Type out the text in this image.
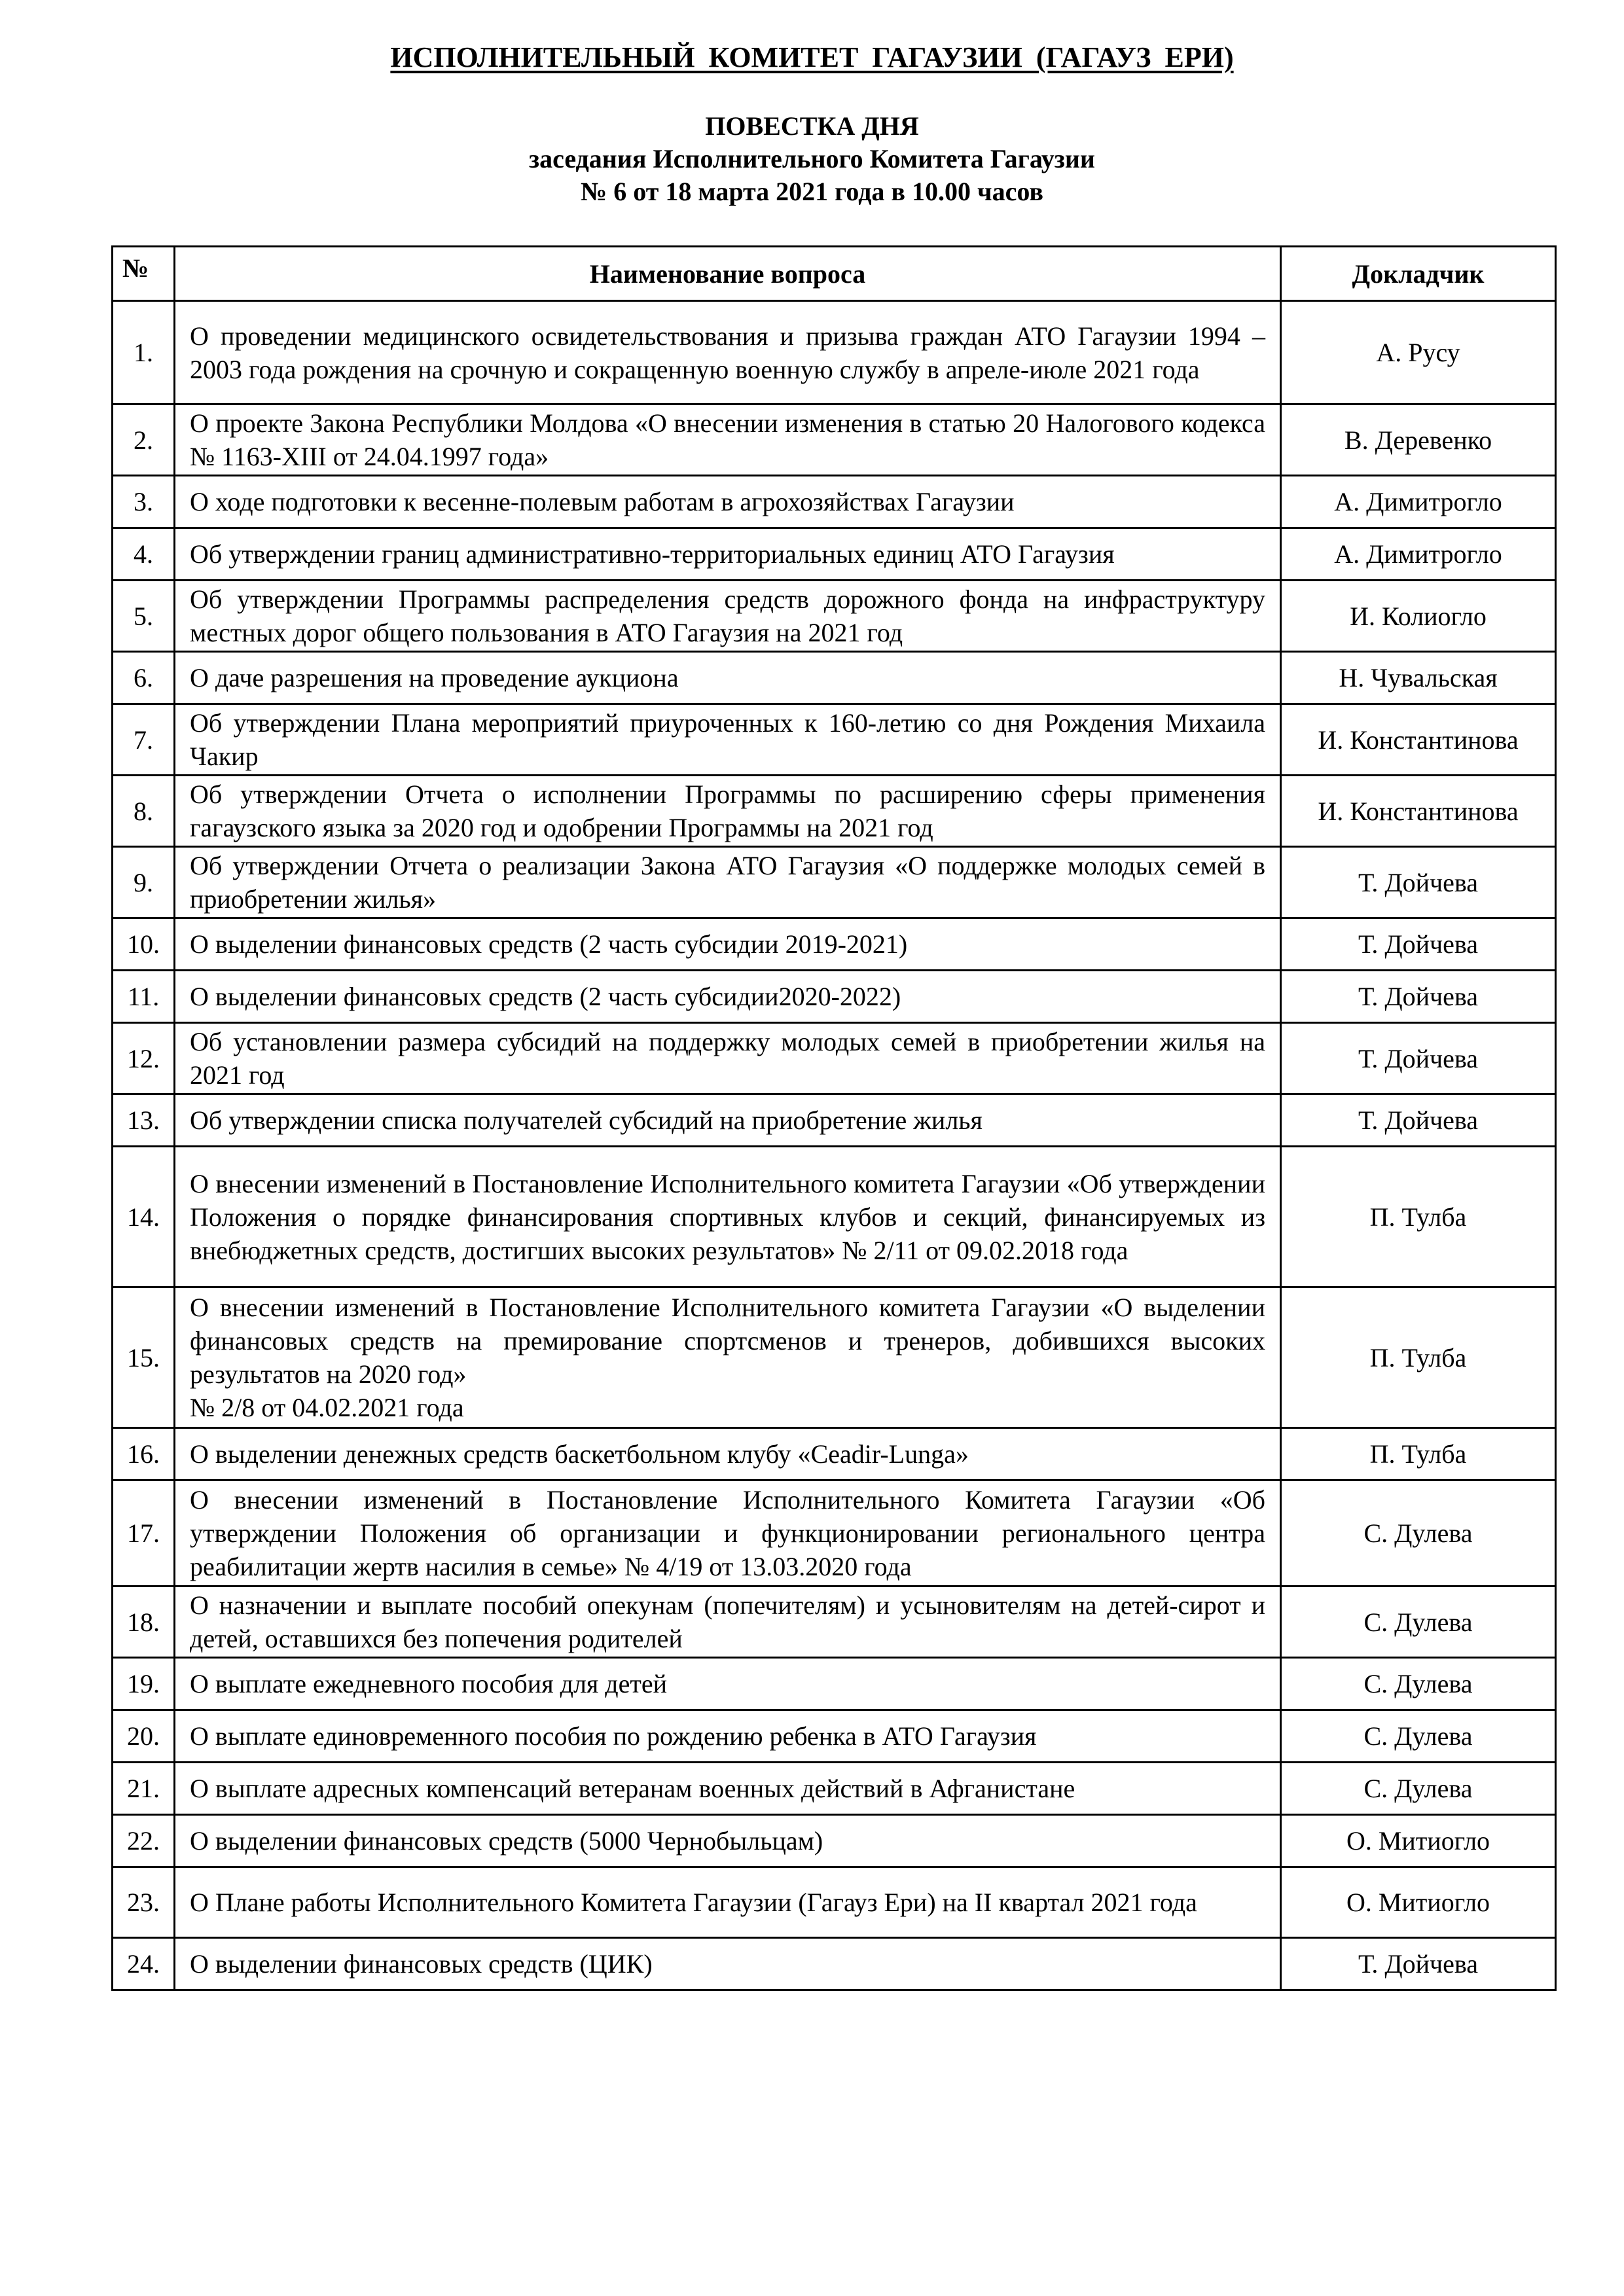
ИСПОЛНИТЕЛЬНЫЙ КОМИТЕТ ГАГАУЗИИ (ГАГАУЗ ЕРИ)
ПОВЕСТКА ДНЯ
заседания Исполнительного Комитета Гагаузии
№ 6 от 18 марта 2021 года в 10.00 часов
№	Наименование вопроса	Докладчик
1.	О проведении медицинского освидетельствования и призыва граждан АТО Гагаузии 1994 – 2003 года рождения на срочную и сокращенную военную службу в апреле-июле 2021 года	А. Русу
2.	О проекте Закона Республики Молдова «О внесении изменения в статью 20 Налогового кодекса № 1163-XIII от 24.04.1997 года»	В. Деревенко
3.	О ходе подготовки к весенне-полевым работам в агрохозяйствах Гагаузии	А. Димитрогло
4.	Об утверждении границ административно-территориальных единиц АТО Гагаузия	А. Димитрогло
5.	Об утверждении Программы распределения средств дорожного фонда на инфраструктуру местных дорог общего пользования в АТО Гагаузия на 2021 год	И. Колиогло
6.	О даче разрешения на проведение аукциона	Н. Чувальская
7.	Об утверждении Плана мероприятий приуроченных к 160-летию со дня Рождения Михаила Чакир	И. Константинова
8.	Об утверждении Отчета о исполнении Программы по расширению сферы применения гагаузского языка за 2020 год и одобрении Программы на 2021 год	И. Константинова
9.	Об утверждении Отчета о реализации Закона АТО Гагаузия «О поддержке молодых семей в приобретении жилья»	Т. Дойчева
10.	О выделении финансовых средств (2 часть субсидии 2019-2021)	Т. Дойчева
11.	О выделении финансовых средств (2 часть субсидии2020-2022)	Т. Дойчева
12.	Об установлении размера субсидий на поддержку молодых семей в приобретении жилья на 2021 год	Т. Дойчева
13.	Об утверждении списка получателей субсидий на приобретение жилья	Т. Дойчева
14.	О внесении изменений в Постановление Исполнительного комитета Гагаузии «Об утверждении Положения о порядке финансирования спортивных клубов и секций, финансируемых из внебюджетных средств, достигших высоких результатов» № 2/11 от 09.02.2018 года	П. Тулба
15.	О внесении изменений в Постановление Исполнительного комитета Гагаузии «О выделении финансовых средств на премирование спортсменов и тренеров, добившихся высоких результатов на 2020 год»
№ 2/8 от 04.02.2021 года	П. Тулба
16.	О выделении денежных средств баскетбольном клубу «Ceadir-Lunga»	П. Тулба
17.	О внесении изменений в Постановление Исполнительного Комитета Гагаузии «Об утверждении Положения об организации и функционировании регионального центра реабилитации жертв насилия в семье» № 4/19 от 13.03.2020 года	С. Дулева
18.	О назначении и выплате пособий опекунам (попечителям) и усыновителям на детей-сирот и детей, оставшихся без попечения родителей	С. Дулева
19.	О выплате ежедневного пособия для детей	С. Дулева
20.	О выплате единовременного пособия по рождению ребенка в АТО Гагаузия	С. Дулева
21.	О выплате адресных компенсаций ветеранам военных действий в Афганистане	С. Дулева
22.	О выделении финансовых средств (5000 Чернобыльцам)	О. Митиогло
23.	О Плане работы Исполнительного Комитета Гагаузии (Гагауз Ери) на II квартал 2021 года	О. Митиогло
24.	О выделении финансовых средств (ЦИК)	Т. Дойчева
